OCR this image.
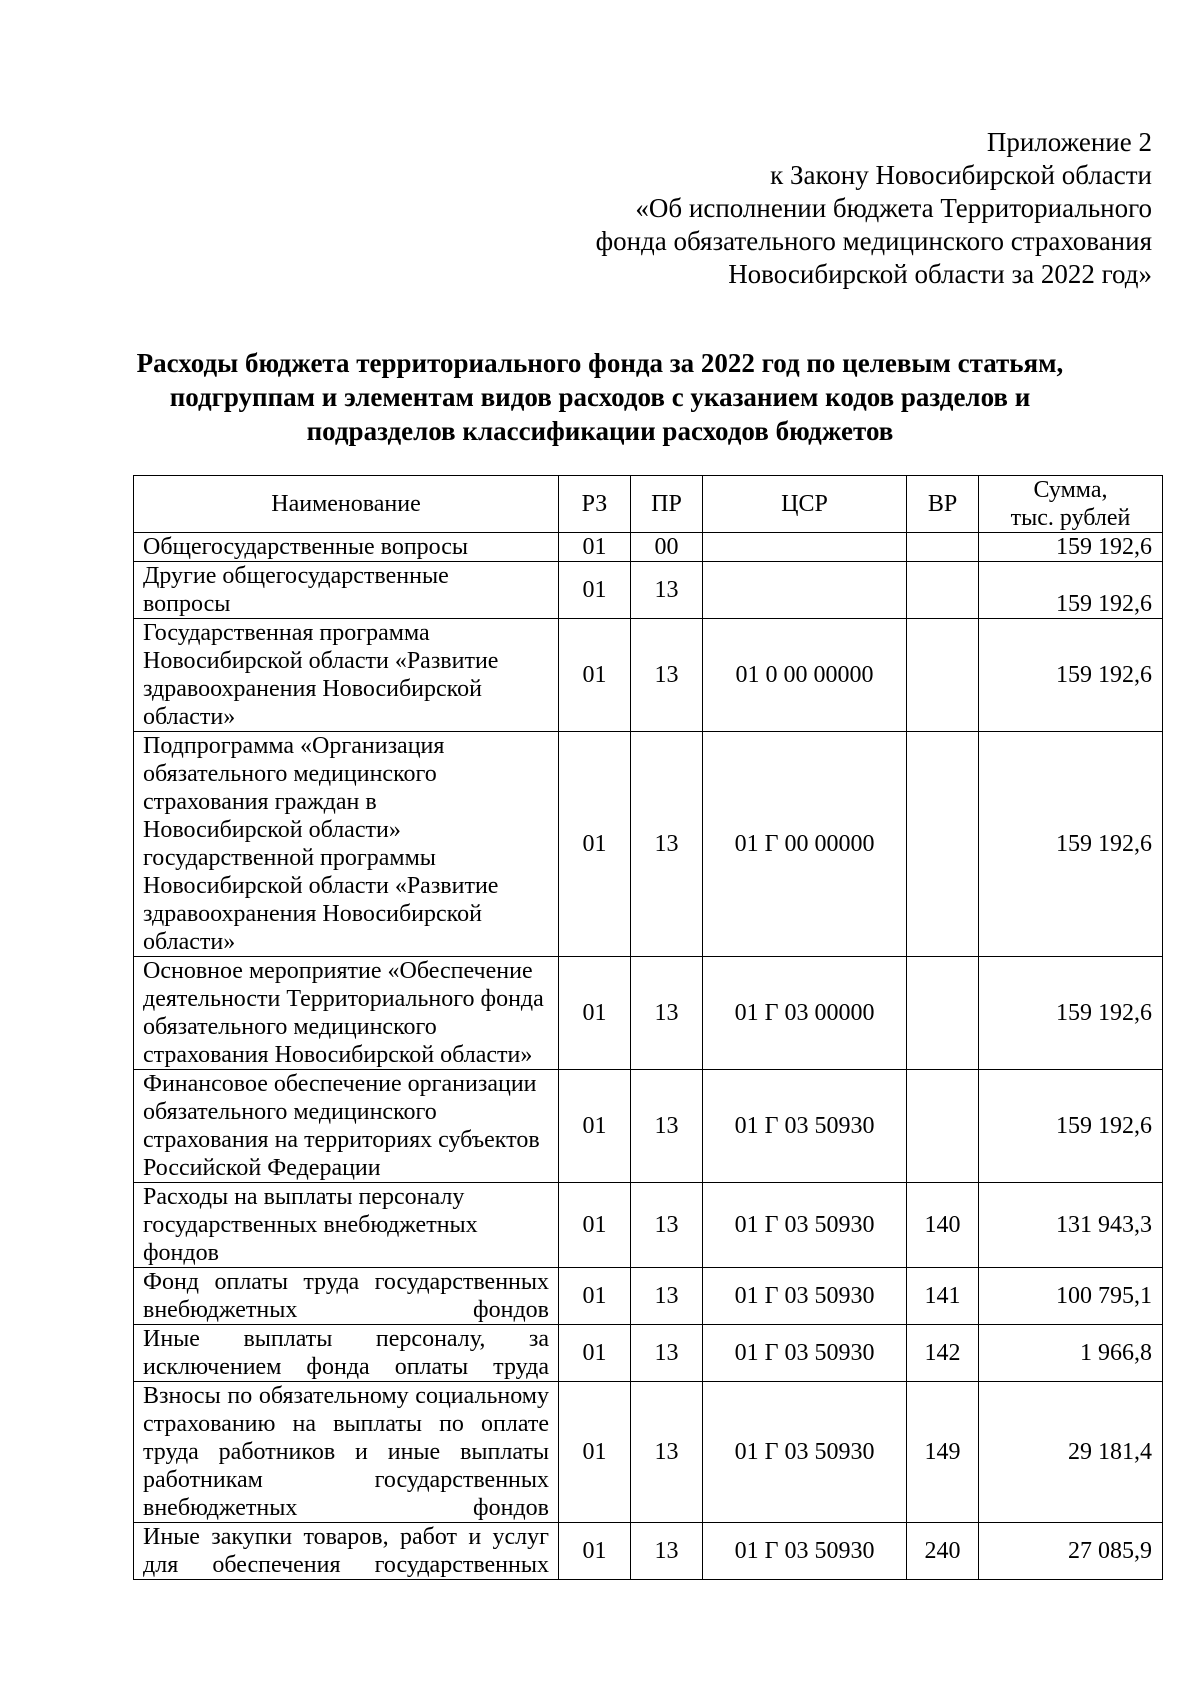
Приложение 2
к Закону Новосибирской области
«Об исполнении бюджета Территориального
фонда обязательного медицинского страхования
Новосибирской области за 2022 год»
Расходы бюджета территориального фонда за 2022 год по целевым статьям,
подгруппам и элементам видов расходов с указанием кодов разделов и
подразделов классификации расходов бюджетов
Наименование	РЗ	ПР	ЦСР	ВР	Сумма,
тыс. рублей

Общегосударственные вопросы	01	00			159 192,6
Другие общегосударственные вопросы	01	13			159 192,6
Государственная программа Новосибирской области «Развитие здравоохранения Новосибирской области»	01	13	01 0 00 00000		159 192,6
Подпрограмма «Организация обязательного медицинского страхования граждан в Новосибирской области» государственной программы Новосибирской области «Развитие здравоохранения Новосибирской области»	01	13	01 Г 00 00000		159 192,6
Основное мероприятие «Обеспечение деятельности Территориального фонда обязательного медицинского страхования Новосибирской области»	01	13	01 Г 03 00000		159 192,6
Финансовое обеспечение организации обязательного медицинского страхования на территориях субъектов Российской Федерации	01	13	01 Г 03 50930		159 192,6
Расходы на выплаты персоналу государственных внебюджетных фондов	01	13	01 Г 03 50930	140	131 943,3
Фонд оплаты труда государственных внебюджетных фондов	01	13	01 Г 03 50930	141	100 795,1
Иные выплаты персоналу, за исключением фонда оплаты труда	01	13	01 Г 03 50930	142	1 966,8
Взносы по обязательному социальному страхованию на выплаты по оплате труда работников и иные выплаты работникам государственных внебюджетных фондов	01	13	01 Г 03 50930	149	29 181,4

Иные закупки товаров, работ и услуг для обеспечения государственных	01	13	01 Г 03 50930	240	27 085,9
